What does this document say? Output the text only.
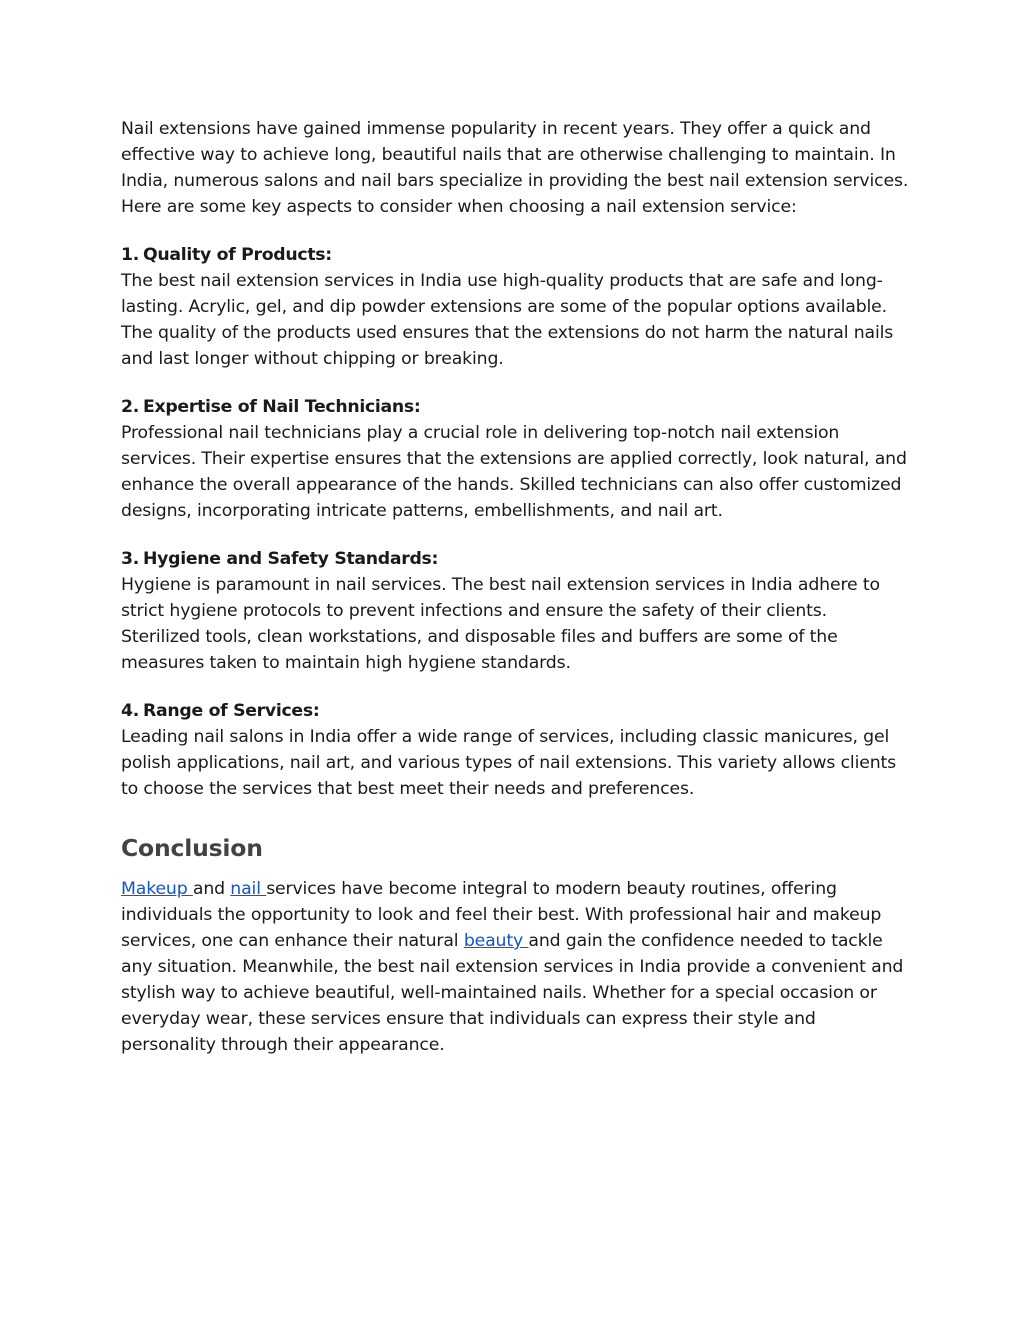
Nail extensions have gained immense popularity in recent years. They offer a quick and effective way to achieve long, beautiful nails that are otherwise challenging to maintain. In India, numerous salons and nail bars specialize in providing the best nail extension services. Here are some key aspects to consider when choosing a nail extension service:

1. Quality of Products:

The best nail extension services in India use high-quality products that are safe and long-lasting. Acrylic, gel, and dip powder extensions are some of the popular options available. The quality of the products used ensures that the extensions do not harm the natural nails and last longer without chipping or breaking.

2. Expertise of Nail Technicians:

Professional nail technicians play a crucial role in delivering top-notch nail extension services. Their expertise ensures that the extensions are applied correctly, look natural, and enhance the overall appearance of the hands. Skilled technicians can also offer customized designs, incorporating intricate patterns, embellishments, and nail art.

3. Hygiene and Safety Standards:

Hygiene is paramount in nail services. The best nail extension services in India adhere to strict hygiene protocols to prevent infections and ensure the safety of their clients. Sterilized tools, clean workstations, and disposable files and buffers are some of the measures taken to maintain high hygiene standards.

4. Range of Services:

Leading nail salons in India offer a wide range of services, including classic manicures, gel polish applications, nail art, and various types of nail extensions. This variety allows clients to choose the services that best meet their needs and preferences.

Conclusion

Makeup and nail services have become integral to modern beauty routines, offering individuals the opportunity to look and feel their best. With professional hair and makeup services, one can enhance their natural beauty and gain the confidence needed to tackle any situation. Meanwhile, the best nail extension services in India provide a convenient and stylish way to achieve beautiful, well-maintained nails. Whether for a special occasion or everyday wear, these services ensure that individuals can express their style and personality through their appearance.
